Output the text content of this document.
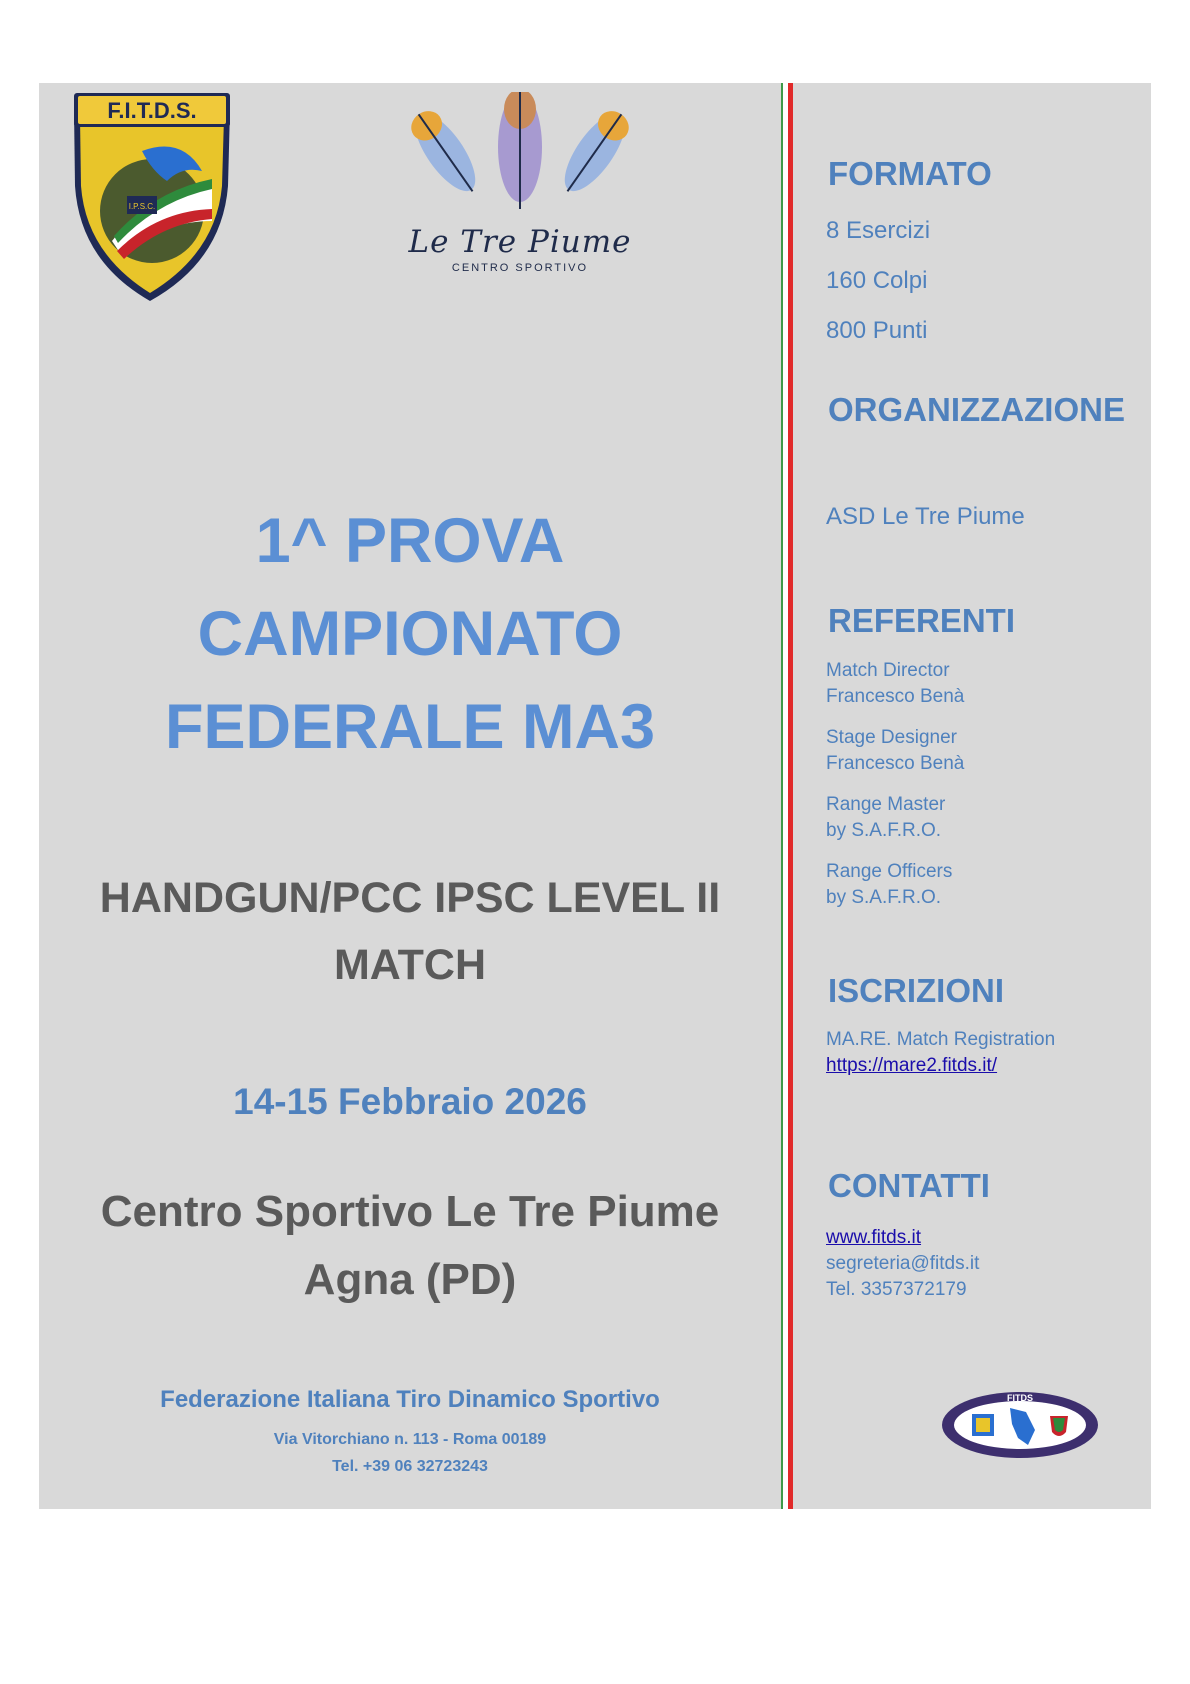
F.I.T.D.S.
I.P.S.C.
Le Tre Piume
CENTRO SPORTIVO
1^ PROVA
CAMPIONATO
FEDERALE MA3
HANDGUN/PCC IPSC LEVEL II
MATCH
14-15 Febbraio 2026
Centro Sportivo Le Tre Piume
Agna (PD)
Federazione Italiana Tiro Dinamico Sportivo
Via Vitorchiano n. 113 - Roma 00189
Tel. +39 06 32723243
FORMATO
8 Esercizi
160 Colpi
800 Punti
ORGANIZZAZIONE
ASD Le Tre Piume
REFERENTI
Match Director
Francesco Benà
Stage Designer
Francesco Benà
Range Master
by S.A.F.R.O.
Range Officers
by S.A.F.R.O.
ISCRIZIONI
MA.RE. Match Registration
https://mare2.fitds.it/
CONTATTI
www.fitds.it
segreteria@fitds.it
Tel. 3357372179
FITDS
